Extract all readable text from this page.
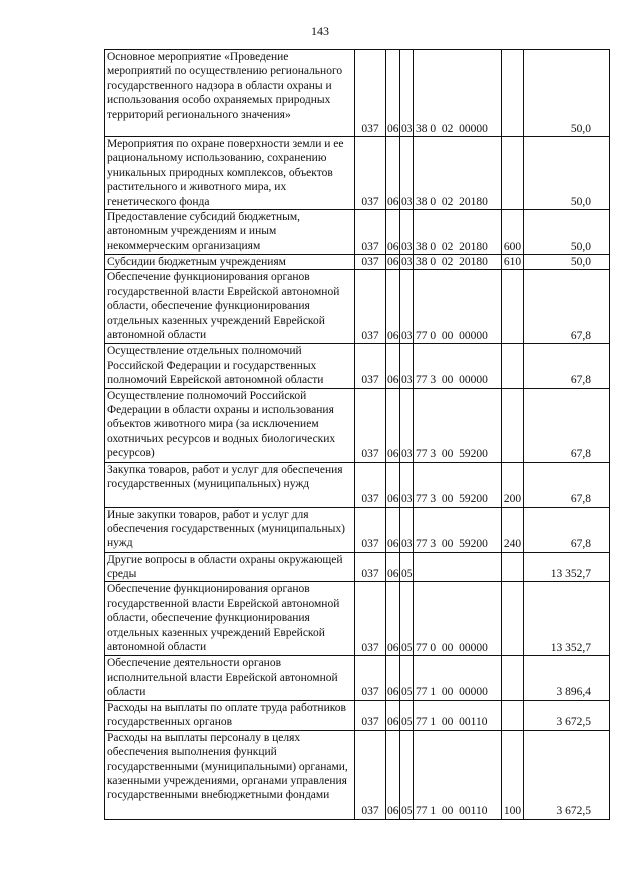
143
Основное мероприятие «Проведение мероприятий по осуществлению регионального государственного надзора в области охраны и использования особо охраняемых природных территорий регионального значения»	037	06	03	38 0  02  00000		50,0
Мероприятия по охране поверхности земли и ее рациональному использованию, сохранению уникальных природных комплексов, объектов растительного и животного мира, их генетического фонда	037	06	03	38 0  02  20180		50,0
Предоставление субсидий бюджетным, автономным учреждениям и иным некоммерческим организациям	037	06	03	38 0  02  20180	600	50,0
Субсидии бюджетным учреждениям	037	06	03	38 0  02  20180	610	50,0
Обеспечение функционирования органов государственной власти Еврейской автономной области, обеспечение функционирования отдельных казенных учреждений Еврейской автономной области	037	06	03	77 0  00  00000		67,8
Осуществление отдельных полномочий Российской Федерации и государственных полномочий Еврейской автономной области	037	06	03	77 3  00  00000		67,8
Осуществление полномочий Российской Федерации в области охраны и использования объектов животного мира (за исключением охотничьих ресурсов и водных биологических ресурсов)	037	06	03	77 3  00  59200		67,8
Закупка товаров, работ и услуг для обеспечения государственных (муниципальных) нужд	037	06	03	77 3  00  59200	200	67,8
Иные закупки товаров, работ и услуг для обеспечения государственных (муниципальных) нужд	037	06	03	77 3  00  59200	240	67,8
Другие вопросы в области охраны окружающей среды	037	06	05			13 352,7
Обеспечение функционирования органов государственной власти Еврейской автономной области, обеспечение функционирования отдельных казенных учреждений Еврейской автономной области	037	06	05	77 0  00  00000		13 352,7
Обеспечение деятельности органов исполнительной власти Еврейской автономной области	037	06	05	77 1  00  00000		3 896,4
Расходы на выплаты по оплате труда работников государственных органов	037	06	05	77 1  00  00110		3 672,5
Расходы на выплаты персоналу в целях обеспечения выполнения функций государственными (муниципальными) органами, казенными учреждениями, органами управления государственными внебюджетными фондами	037	06	05	77 1  00  00110	100	3 672,5
